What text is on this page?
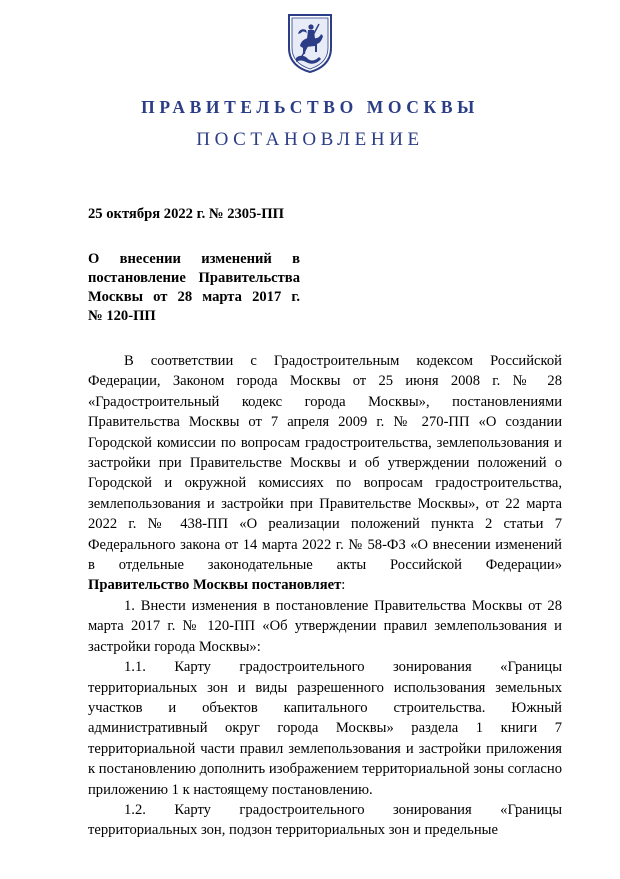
ПРАВИТЕЛЬСТВО МОСКВЫ
ПОСТАНОВЛЕНИЕ
25 октября 2022 г. № 2305-ПП
О внесении изменений в
постановление Правительства
Москвы от 28 марта 2017 г.
№ 120-ПП

В соответствии с Градостроительным кодексом Российской Федерации, Законом города Москвы от 25 июня 2008 г. № 28 «Градостроительный кодекс города Москвы», постановлениями Правительства Москвы от 7 апреля 2009 г. № 270-ПП «О создании Городской комиссии по вопросам градостроительства, землепользования и застройки при Правительстве Москвы и об утверждении положений о Городской и окружной комиссиях по вопросам градостроительства, землепользования и застройки при Правительстве Москвы», от 22 марта 2022 г. № 438-ПП «О реализации положений пункта 2 статьи 7 Федерального закона от 14 марта 2022 г. № 58-ФЗ «О внесении изменений в отдельные законодательные акты Российской Федерации» Правительство Москвы постановляет:

1. Внести изменения в постановление Правительства Москвы от 28 марта 2017 г. № 120-ПП «Об утверждении правил землепользования и застройки города Москвы»:

1.1. Карту градостроительного зонирования «Границы территориальных зон и виды разрешенного использования земельных участков и объектов капитального строительства. Южный административный округ города Москвы» раздела 1 книги 7 территориальной части правил землепользования и застройки приложения к постановлению дополнить изображением территориальной зоны согласно приложению 1 к настоящему постановлению.

1.2. Карту градостроительного зонирования «Границы территориальных зон, подзон территориальных зон и предельные
